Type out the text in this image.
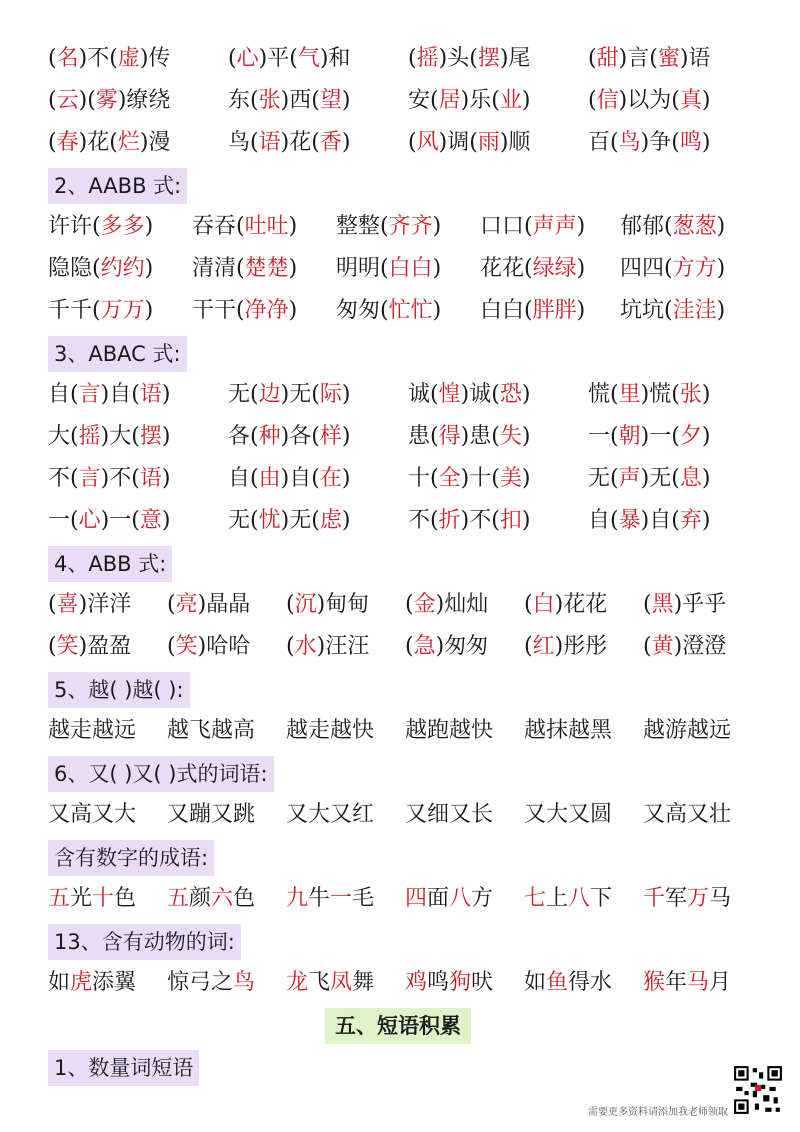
(名)不(虚)传	(心)平(气)和	(摇)头(摆)尾	(甜)言(蜜)语
(云)(雾)缭绕	东(张)西(望)	安(居)乐(业)	(信)以为(真)
(春)花(烂)漫	鸟(语)花(香)	(风)调(雨)顺	百(鸟)争(鸣)
2、AABB 式:
许许(多多)	吞吞(吐吐)	整整(齐齐)	口口(声声)	郁郁(葱葱)
隐隐(约约)	清清(楚楚)	明明(白白)	花花(绿绿)	四四(方方)
千千(万万)	干干(净净)	匆匆(忙忙)	白白(胖胖)	坑坑(洼洼)
3、ABAC 式:
自(言)自(语)	无(边)无(际)	诚(惶)诚(恐)	慌(里)慌(张)
大(摇)大(摆)	各(种)各(样)	患(得)患(失)	一(朝)一(夕)
不(言)不(语)	自(由)自(在)	十(全)十(美)	无(声)无(息)
一(心)一(意)	无(忧)无(虑)	不(折)不(扣)	自(暴)自(弃)
4、ABB 式:
(喜)洋洋	(亮)晶晶	(沉)甸甸	(金)灿灿	(白)花花	(黑)乎乎
(笑)盈盈	(笑)哈哈	(水)汪汪	(急)匆匆	(红)彤彤	(黄)澄澄
5、越( )越( ):
越走越远	越飞越高	越走越快	越跑越快	越抹越黑	越游越远
6、又( )又( )式的词语:
又高又大	又蹦又跳	又大又红	又细又长	又大又圆	又高又壮
含有数字的成语:
五光十色	五颜六色	九牛一毛	四面八方	七上八下	千军万马
13、含有动物的词:
如虎添翼	惊弓之鸟	龙飞凤舞	鸡鸣狗吠	如鱼得水	猴年马月
五、短语积累
1、数量词短语
需要更多资料请添加我老师领取
